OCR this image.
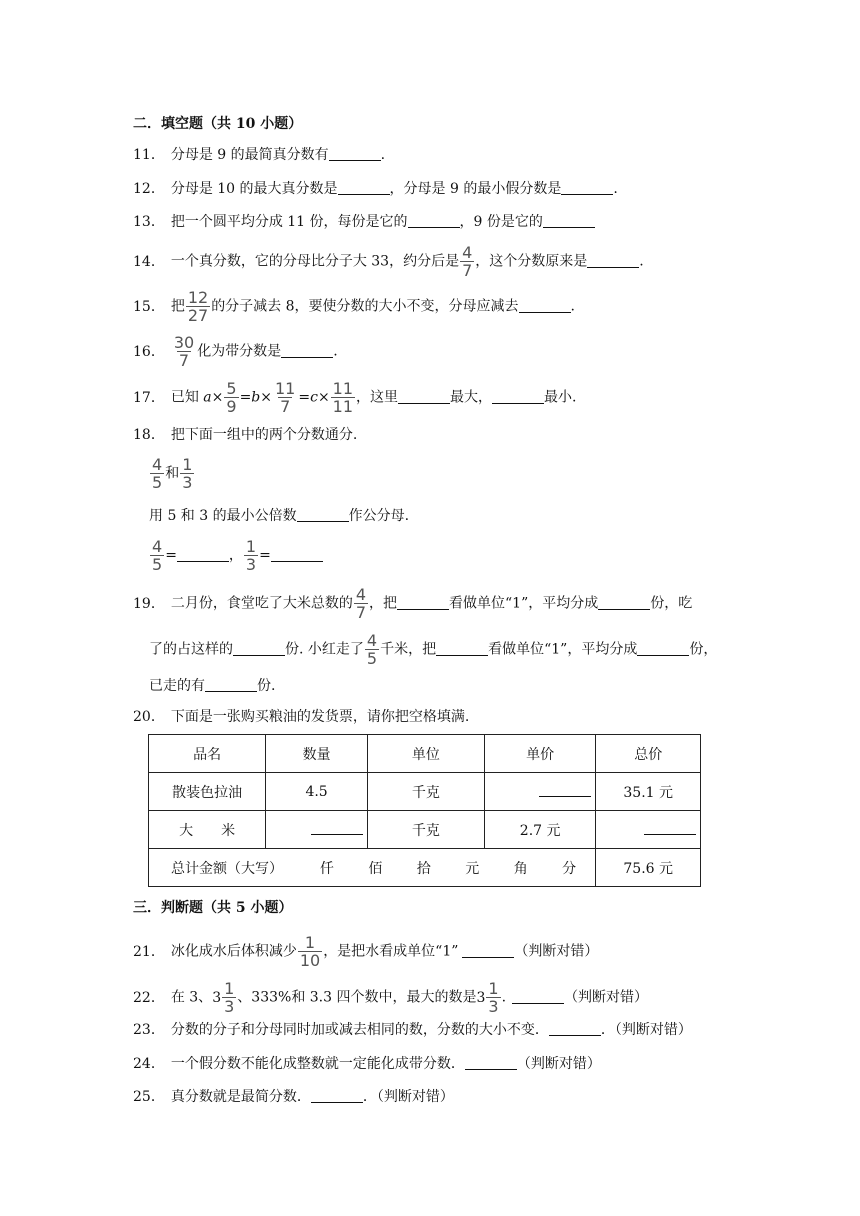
二．填空题（共 10 小题）
11． 分母是 9 的最简真分数有	.
12． 分母是 10 的最大真分数是	，分母是 9 的最小假分数是	.
13． 把一个圆平均分成 11 份，每份是它的	，9 份是它的
14． 一个真分数，它的分母比分子大 33，约分后是 $\frac{4}{7}$ ，这个分数原来是	.
15． 把 $\frac{12}{27}$ 的分子减去 8，要使分数的大小不变，分母应减去	.
16． $\frac{30}{7}$ 化为带分数是	.
17． 已知 $a\times \frac{5}{9} =b\times \frac{11}{7} =c\times \frac{11}{11}$ ，这里	最大，	最小.
18． 把下面一组中的两个分数通分.
$\frac{4}{5}$ 和 $\frac{1}{3}$
用 5 和 3 的最小公倍数	作公分母.
$\frac{4}{5}$ =	， $\frac{1}{3}$ =
19． 二月份，食堂吃了大米总数的 $\frac{4}{7}$ ，把	看做单位“1”，平均分成	份，吃
了的占这样的	份. 小红走了 $\frac{4}{5}$ 千米，把	看做单位“1”，平均分成	份，
已走的有	份.
20． 下面是一张购买粮油的发货票，请你把空格填满.
品名	数量	单位	单价	总价
散装色拉油	4.5	千克		35.1 元
大　　米		千克	2.7 元	
总计金额（大写） 仟 佰 拾 元 角 分				75.6 元
三．判断题（共 5 小题）
21． 冰化成水后体积减少 $\frac{1}{10}$ ，是把水看成单位“1”	（判断对错）
22． 在 3、$3 \frac{1}{3}$ 、333%和 3.3 四个数中，最大的数是$3 \frac{1}{3}$ .	（判断对错）
23． 分数的分子和分母同时加或减去相同的数，分数的大小不变．	．（判断对错）
24． 一个假分数不能化成整数就一定能化成带分数．	（判断对错）
25． 真分数就是最简分数．	．（判断对错）
